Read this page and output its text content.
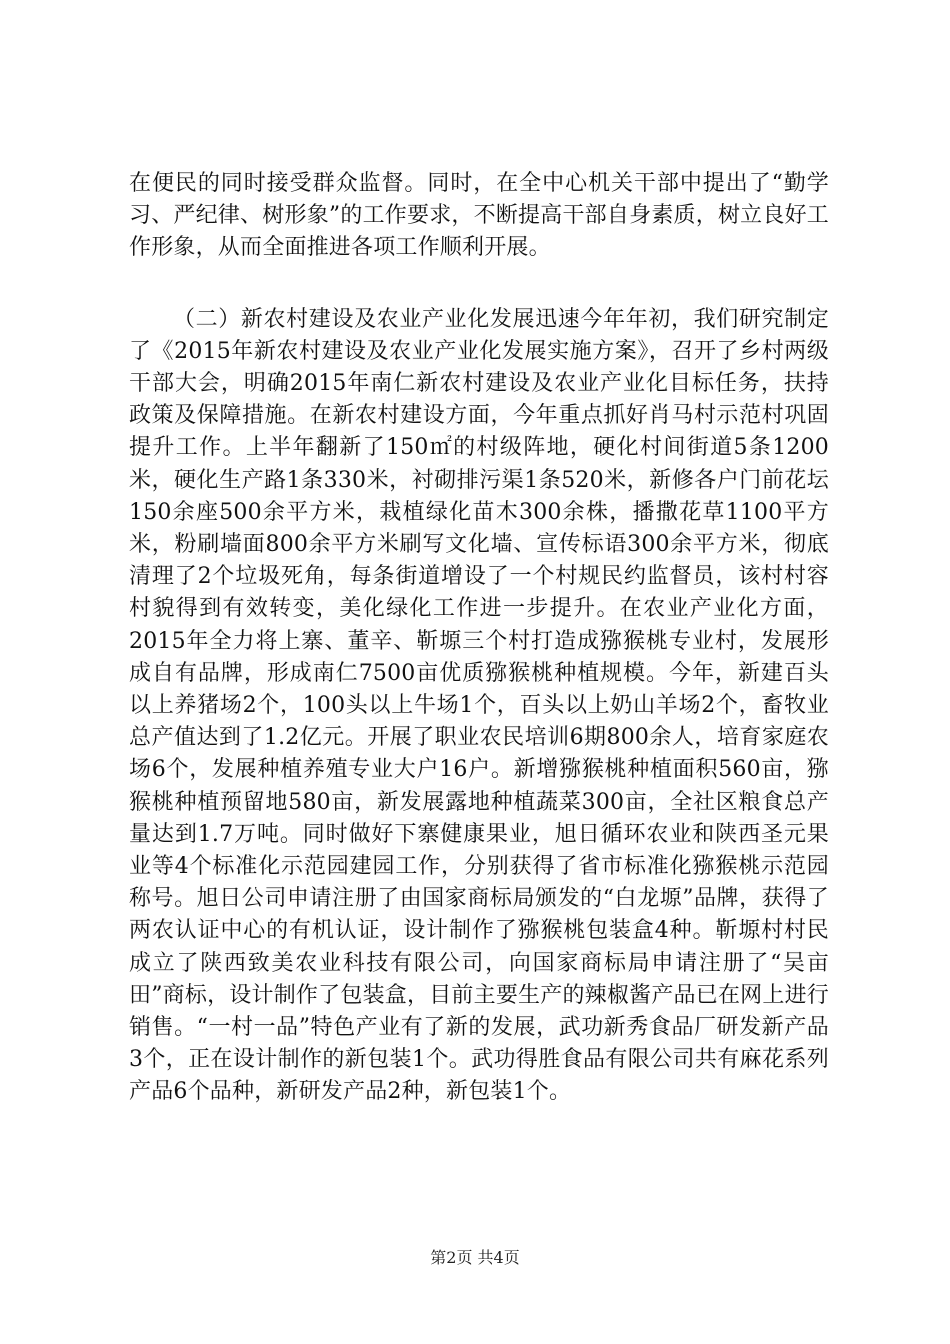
在便民的同时接受群众监督。同时，在全中心机关干部中提出了“勤学习、严纪律、树形象”的工作要求，不断提高干部自身素质，树立良好工作形象，从而全面推进各项工作顺利开展。

（二）新农村建设及农业产业化发展迅速今年年初，我们研究制定了《2015年新农村建设及农业产业化发展实施方案》，召开了乡村两级干部大会，明确2015年南仁新农村建设及农业产业化目标任务，扶持政策及保障措施。在新农村建设方面，今年重点抓好肖马村示范村巩固提升工作。上半年翻新了150㎡的村级阵地，硬化村间街道5条1200米，硬化生产路1条330米，衬砌排污渠1条520米，新修各户门前花坛150余座500余平方米，栽植绿化苗木300余株，播撒花草1100平方米，粉刷墙面800余平方米刷写文化墙、宣传标语300余平方米，彻底清理了2个垃圾死角，每条街道增设了一个村规民约监督员，该村村容村貌得到有效转变，美化绿化工作进一步提升。在农业产业化方面，2015年全力将上寨、董辛、靳塬三个村打造成猕猴桃专业村，发展形成自有品牌，形成南仁7500亩优质猕猴桃种植规模。今年，新建百头以上养猪场2个，100头以上牛场1个，百头以上奶山羊场2个，畜牧业总产值达到了1.2亿元。开展了职业农民培训6期800余人，培育家庭农场6个，发展种植养殖专业大户16户。新增猕猴桃种植面积560亩，猕猴桃种植预留地580亩，新发展露地种植蔬菜300亩，全社区粮食总产量达到1.7万吨。同时做好下寨健康果业，旭日循环农业和陕西圣元果业等4个标准化示范园建园工作，分别获得了省市标准化猕猴桃示范园称号。旭日公司申请注册了由国家商标局颁发的“白龙塬”品牌，获得了两农认证中心的有机认证，设计制作了猕猴桃包装盒4种。靳塬村村民成立了陕西致美农业科技有限公司，向国家商标局申请注册了“吴亩田”商标，设计制作了包装盒，目前主要生产的辣椒酱产品已在网上进行销售。“一村一品”特色产业有了新的发展，武功新秀食品厂研发新产品3个，正在设计制作的新包装1个。武功得胜食品有限公司共有麻花系列产品6个品种，新研发产品2种，新包装1个。

第2页 共4页
